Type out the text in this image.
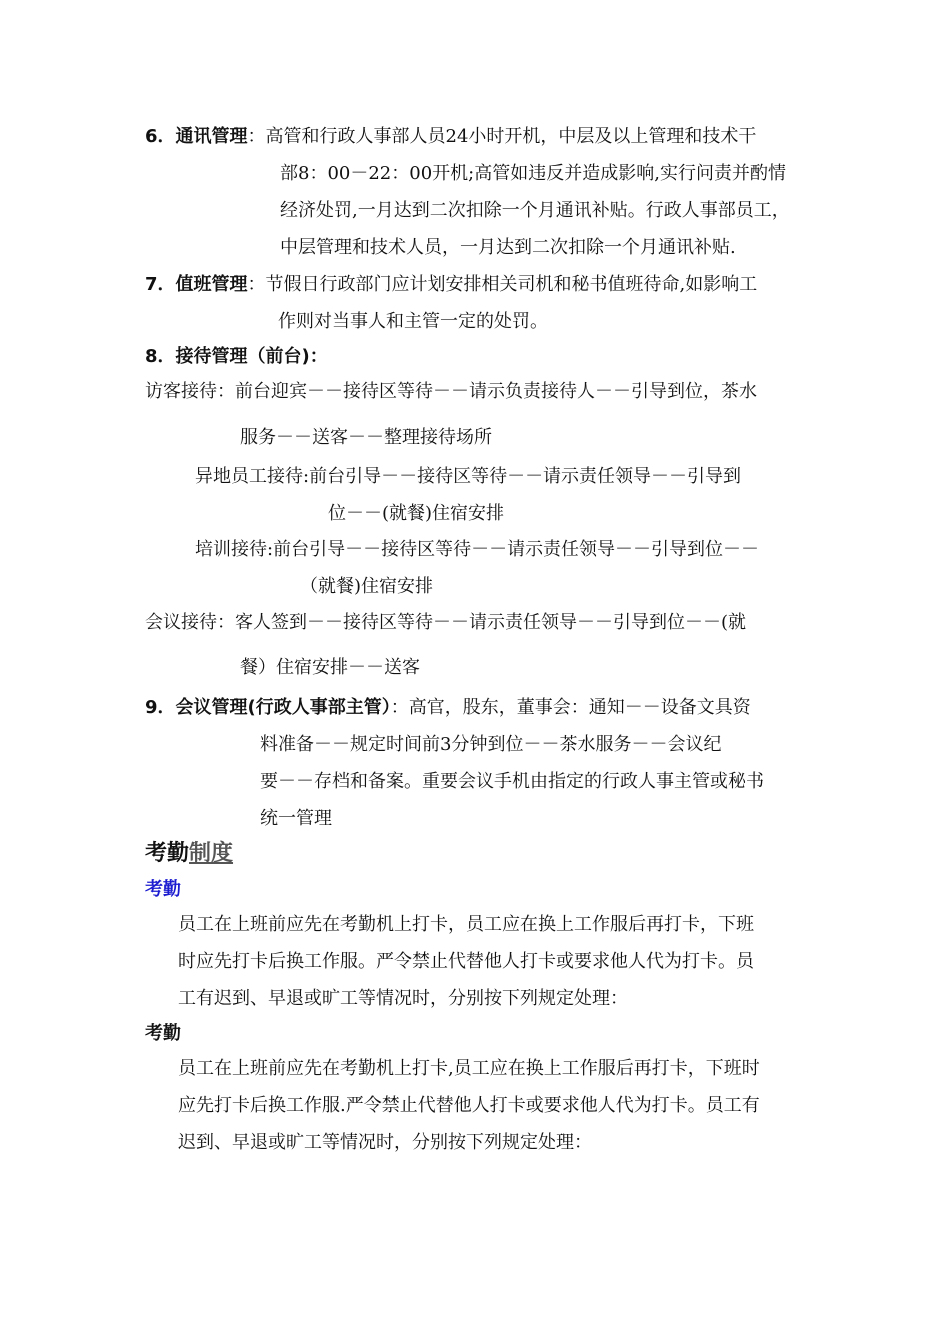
6．通讯管理：高管和行政人事部人员24小时开机，中层及以上管理和技术干
部8：00－22：00开机;高管如违反并造成影响,实行问责并酌情
经济处罚,一月达到二次扣除一个月通讯补贴。行政人事部员工，
中层管理和技术人员，一月达到二次扣除一个月通讯补贴.
7．值班管理：节假日行政部门应计划安排相关司机和秘书值班待命,如影响工
作则对当事人和主管一定的处罚。
8．接待管理（前台)：
访客接待：前台迎宾－－接待区等待－－请示负责接待人－－引导到位，茶水
服务－－送客－－整理接待场所
异地员工接待:前台引导－－接待区等待－－请示责任领导－－引导到
位－－(就餐)住宿安排
培训接待:前台引导－－接待区等待－－请示责任领导－－引导到位－－
（就餐)住宿安排
会议接待：客人签到－－接待区等待－－请示责任领导－－引导到位－－(就
餐）住宿安排－－送客
9．会议管理(行政人事部主管）：高官，股东，董事会：通知－－设备文具资
料准备－－规定时间前3分钟到位－－茶水服务－－会议纪
要－－存档和备案。重要会议手机由指定的行政人事主管或秘书
统一管理
考勤制度
考勤
员工在上班前应先在考勤机上打卡，员工应在换上工作服后再打卡，下班
时应先打卡后换工作服。严令禁止代替他人打卡或要求他人代为打卡。员
工有迟到、早退或旷工等情况时，分别按下列规定处理：
考勤
员工在上班前应先在考勤机上打卡,员工应在换上工作服后再打卡，下班时
应先打卡后换工作服.严令禁止代替他人打卡或要求他人代为打卡。员工有
迟到、早退或旷工等情况时，分别按下列规定处理：
